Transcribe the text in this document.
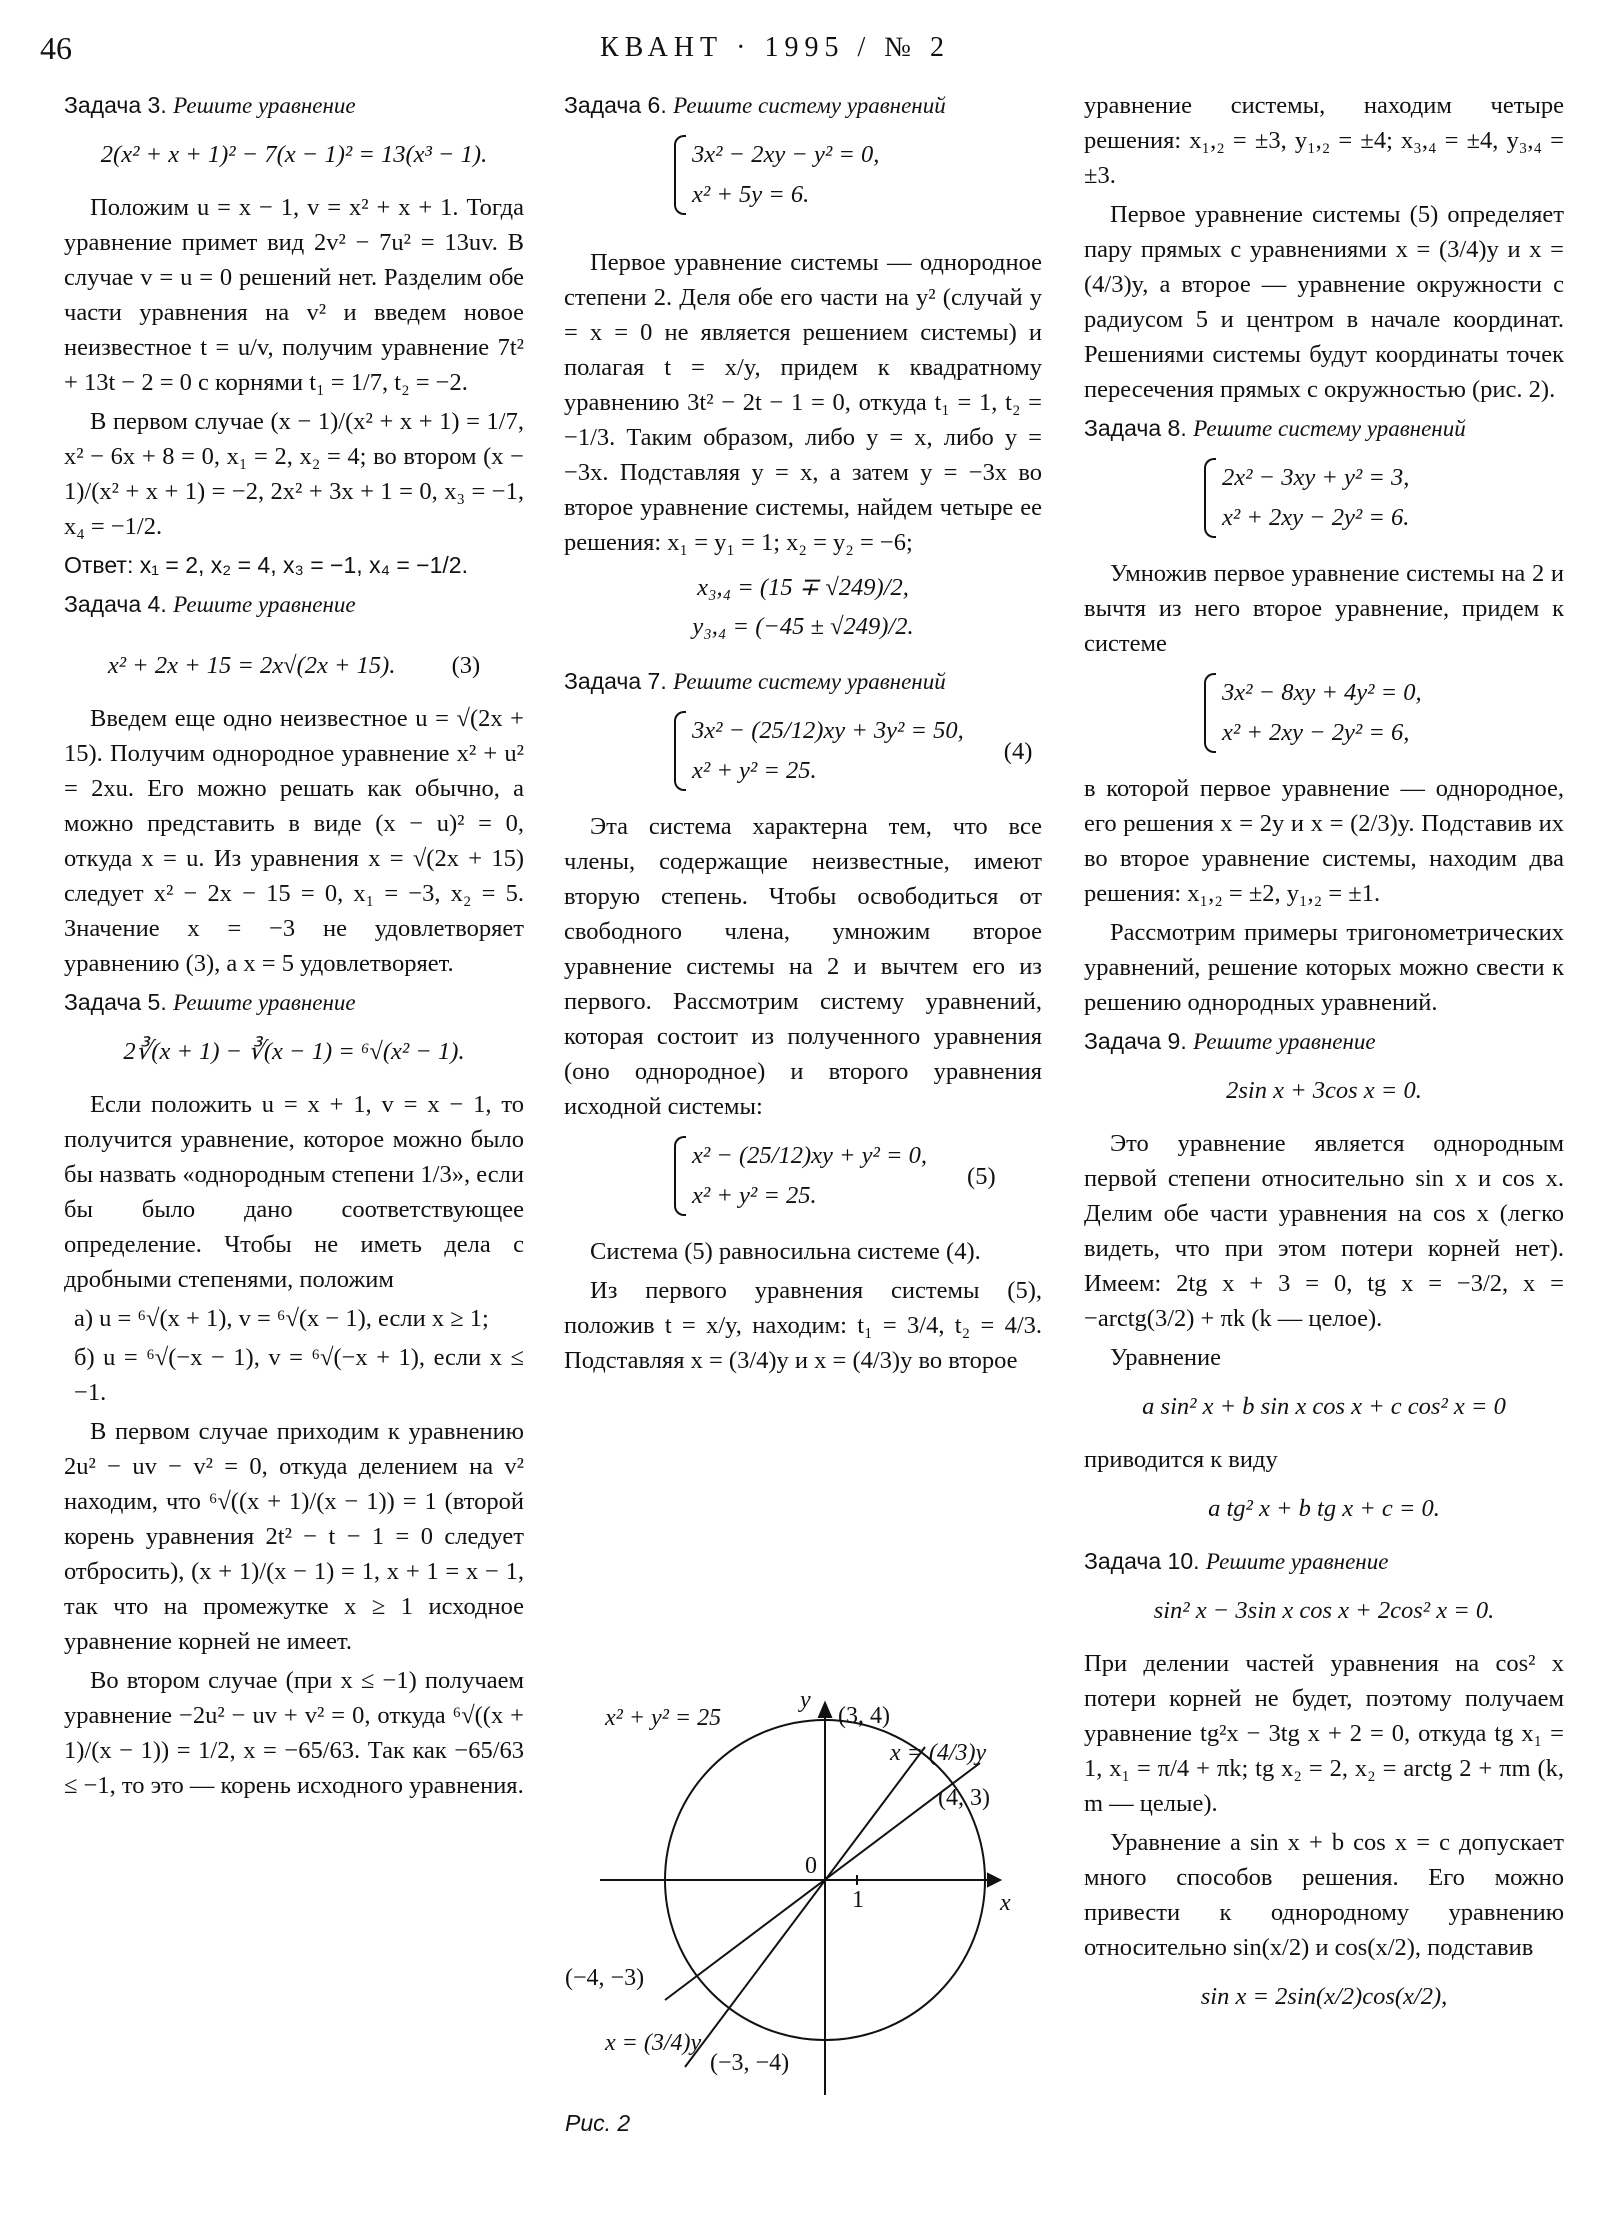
46	КВАНТ · 1995 / № 2
Задача 3. Решите уравнение
2(x² + x + 1)² − 7(x − 1)² = 13(x³ − 1).

Положим u = x − 1, v = x² + x + 1. Тогда уравнение примет вид 2v² − 7u² = 13uv. В случае v = u = 0 решений нет. Разделим обе части уравнения на v² и введем новое неизвестное t = u/v, получим уравнение 7t² + 13t − 2 = 0 с корнями t₁ = 1/7, t₂ = −2.

В первом случае (x − 1)/(x² + x + 1) = 1/7, x² − 6x + 8 = 0, x₁ = 2, x₂ = 4; во втором (x − 1)/(x² + x + 1) = −2, 2x² + 3x + 1 = 0, x₃ = −1, x₄ = −1/2.

Ответ: x₁ = 2, x₂ = 4, x₃ = −1, x₄ = −1/2.
Задача 4. Решите уравнение
x² + 2x + 15 = 2x√(2x + 15). (3)

Введем еще одно неизвестное u = √(2x + 15). Получим однородное уравнение x² + u² = 2xu. Его можно решать как обычно, а можно представить в виде (x − u)² = 0, откуда x = u. Из уравнения x = √(2x + 15) следует x² − 2x − 15 = 0, x₁ = −3, x₂ = 5. Значение x = −3 не удовлетворяет уравнению (3), а x = 5 удовлетворяет.

Задача 5. Решите уравнение
2∛(x + 1) − ∛(x − 1) = ⁶√(x² − 1).

Если положить u = x + 1, v = x − 1, то получится уравнение, которое можно было бы назвать «однородным степени 1/3», если бы было дано соответствующее определение. Чтобы не иметь дела с дробными степенями, положим

а) u = ⁶√(x + 1), v = ⁶√(x − 1), если x ≥ 1;

б) u = ⁶√(−x − 1), v = ⁶√(−x + 1), если x ≤ −1.

В первом случае приходим к уравнению 2u² − uv − v² = 0, откуда делением на v² находим, что ⁶√((x + 1)/(x − 1)) = 1 (второй корень уравнения 2t² − t − 1 = 0 следует отбросить), (x + 1)/(x − 1) = 1, x + 1 = x − 1, так что на промежутке x ≥ 1 исходное уравнение корней не имеет.

Во втором случае (при x ≤ −1) получаем уравнение −2u² − uv + v² = 0, откуда ⁶√((x + 1)/(x − 1)) = 1/2, x = −65/63. Так как −65/63 ≤ −1, то это — корень исходного уравнения.

Задача 6. Решите систему уравнений
3x² − 2xy − y² = 0,
x² + 5y = 6.

Первое уравнение системы — однородное степени 2. Деля обе его части на y² (случай y = x = 0 не является решением системы) и полагая t = x/y, придем к квадратному уравнению 3t² − 2t − 1 = 0, откуда t₁ = 1, t₂ = −1/3. Таким образом, либо y = x, либо y = −3x. Подставляя y = x, а затем y = −3x во второе уравнение системы, найдем четыре ее решения: x₁ = y₁ = 1; x₂ = y₂ = −6;

x₃,₄ = (15 ∓ √249)/2,
y₃,₄ = (−45 ± √249)/2.
Задача 7. Решите систему уравнений
3x² − (25/12)xy + 3y² = 50,
x² + y² = 25.
(4)

Эта система характерна тем, что все члены, содержащие неизвестные, имеют вторую степень. Чтобы освободиться от свободного члена, умножим второе уравнение системы на 2 и вычтем его из первого. Рассмотрим систему уравнений, которая состоит из полученного уравнения (оно однородное) и второго уравнения исходной системы:

x² − (25/12)xy + y² = 0,
x² + y² = 25.
(5)

Система (5) равносильна системе (4).

Из первого уравнения системы (5), положив t = x/y, находим: t₁ = 3/4, t₂ = 4/3. Подставляя x = (3/4)y и x = (4/3)y во второе

x² + y² = 25
y
x
0
1
x = (4/3)y
x = (3/4)y
(3, 4)
(4, 3)
(−4, −3)
(−3, −4)
Рис. 2

уравнение системы, находим четыре решения: x₁,₂ = ±3, y₁,₂ = ±4; x₃,₄ = ±4, y₃,₄ = ±3.

Первое уравнение системы (5) определяет пару прямых с уравнениями x = (3/4)y и x = (4/3)y, а второе — уравнение окружности с радиусом 5 и центром в начале координат. Решениями системы будут координаты точек пересечения прямых с окружностью (рис. 2).

Задача 8. Решите систему уравнений
2x² − 3xy + y² = 3,
x² + 2xy − 2y² = 6.

Умножив первое уравнение системы на 2 и вычтя из него второе уравнение, придем к системе

3x² − 8xy + 4y² = 0,
x² + 2xy − 2y² = 6,

в которой первое уравнение — однородное, его решения x = 2y и x = (2/3)y. Подставив их во второе уравнение системы, находим два решения: x₁,₂ = ±2, y₁,₂ = ±1.

Рассмотрим примеры тригонометрических уравнений, решение которых можно свести к решению однородных уравнений.

Задача 9. Решите уравнение
2sin x + 3cos x = 0.

Это уравнение является однородным первой степени относительно sin x и cos x. Делим обе части уравнения на cos x (легко видеть, что при этом потери корней нет). Имеем: 2tg x + 3 = 0, tg x = −3/2, x = −arctg(3/2) + πk (k — целое).

Уравнение

a sin² x + b sin x cos x + c cos² x = 0

приводится к виду

a tg² x + b tg x + c = 0.
Задача 10. Решите уравнение
sin² x − 3sin x cos x + 2cos² x = 0.

При делении частей уравнения на cos² x потери корней не будет, поэтому получаем уравнение tg²x − 3tg x + 2 = 0, откуда tg x₁ = 1, x₁ = π/4 + πk; tg x₂ = 2, x₂ = arctg 2 + πm (k, m — целые).

Уравнение a sin x + b cos x = c допускает много способов решения. Его можно привести к однородному уравнению относительно sin(x/2) и cos(x/2), подставив

sin x = 2sin(x/2)cos(x/2),
